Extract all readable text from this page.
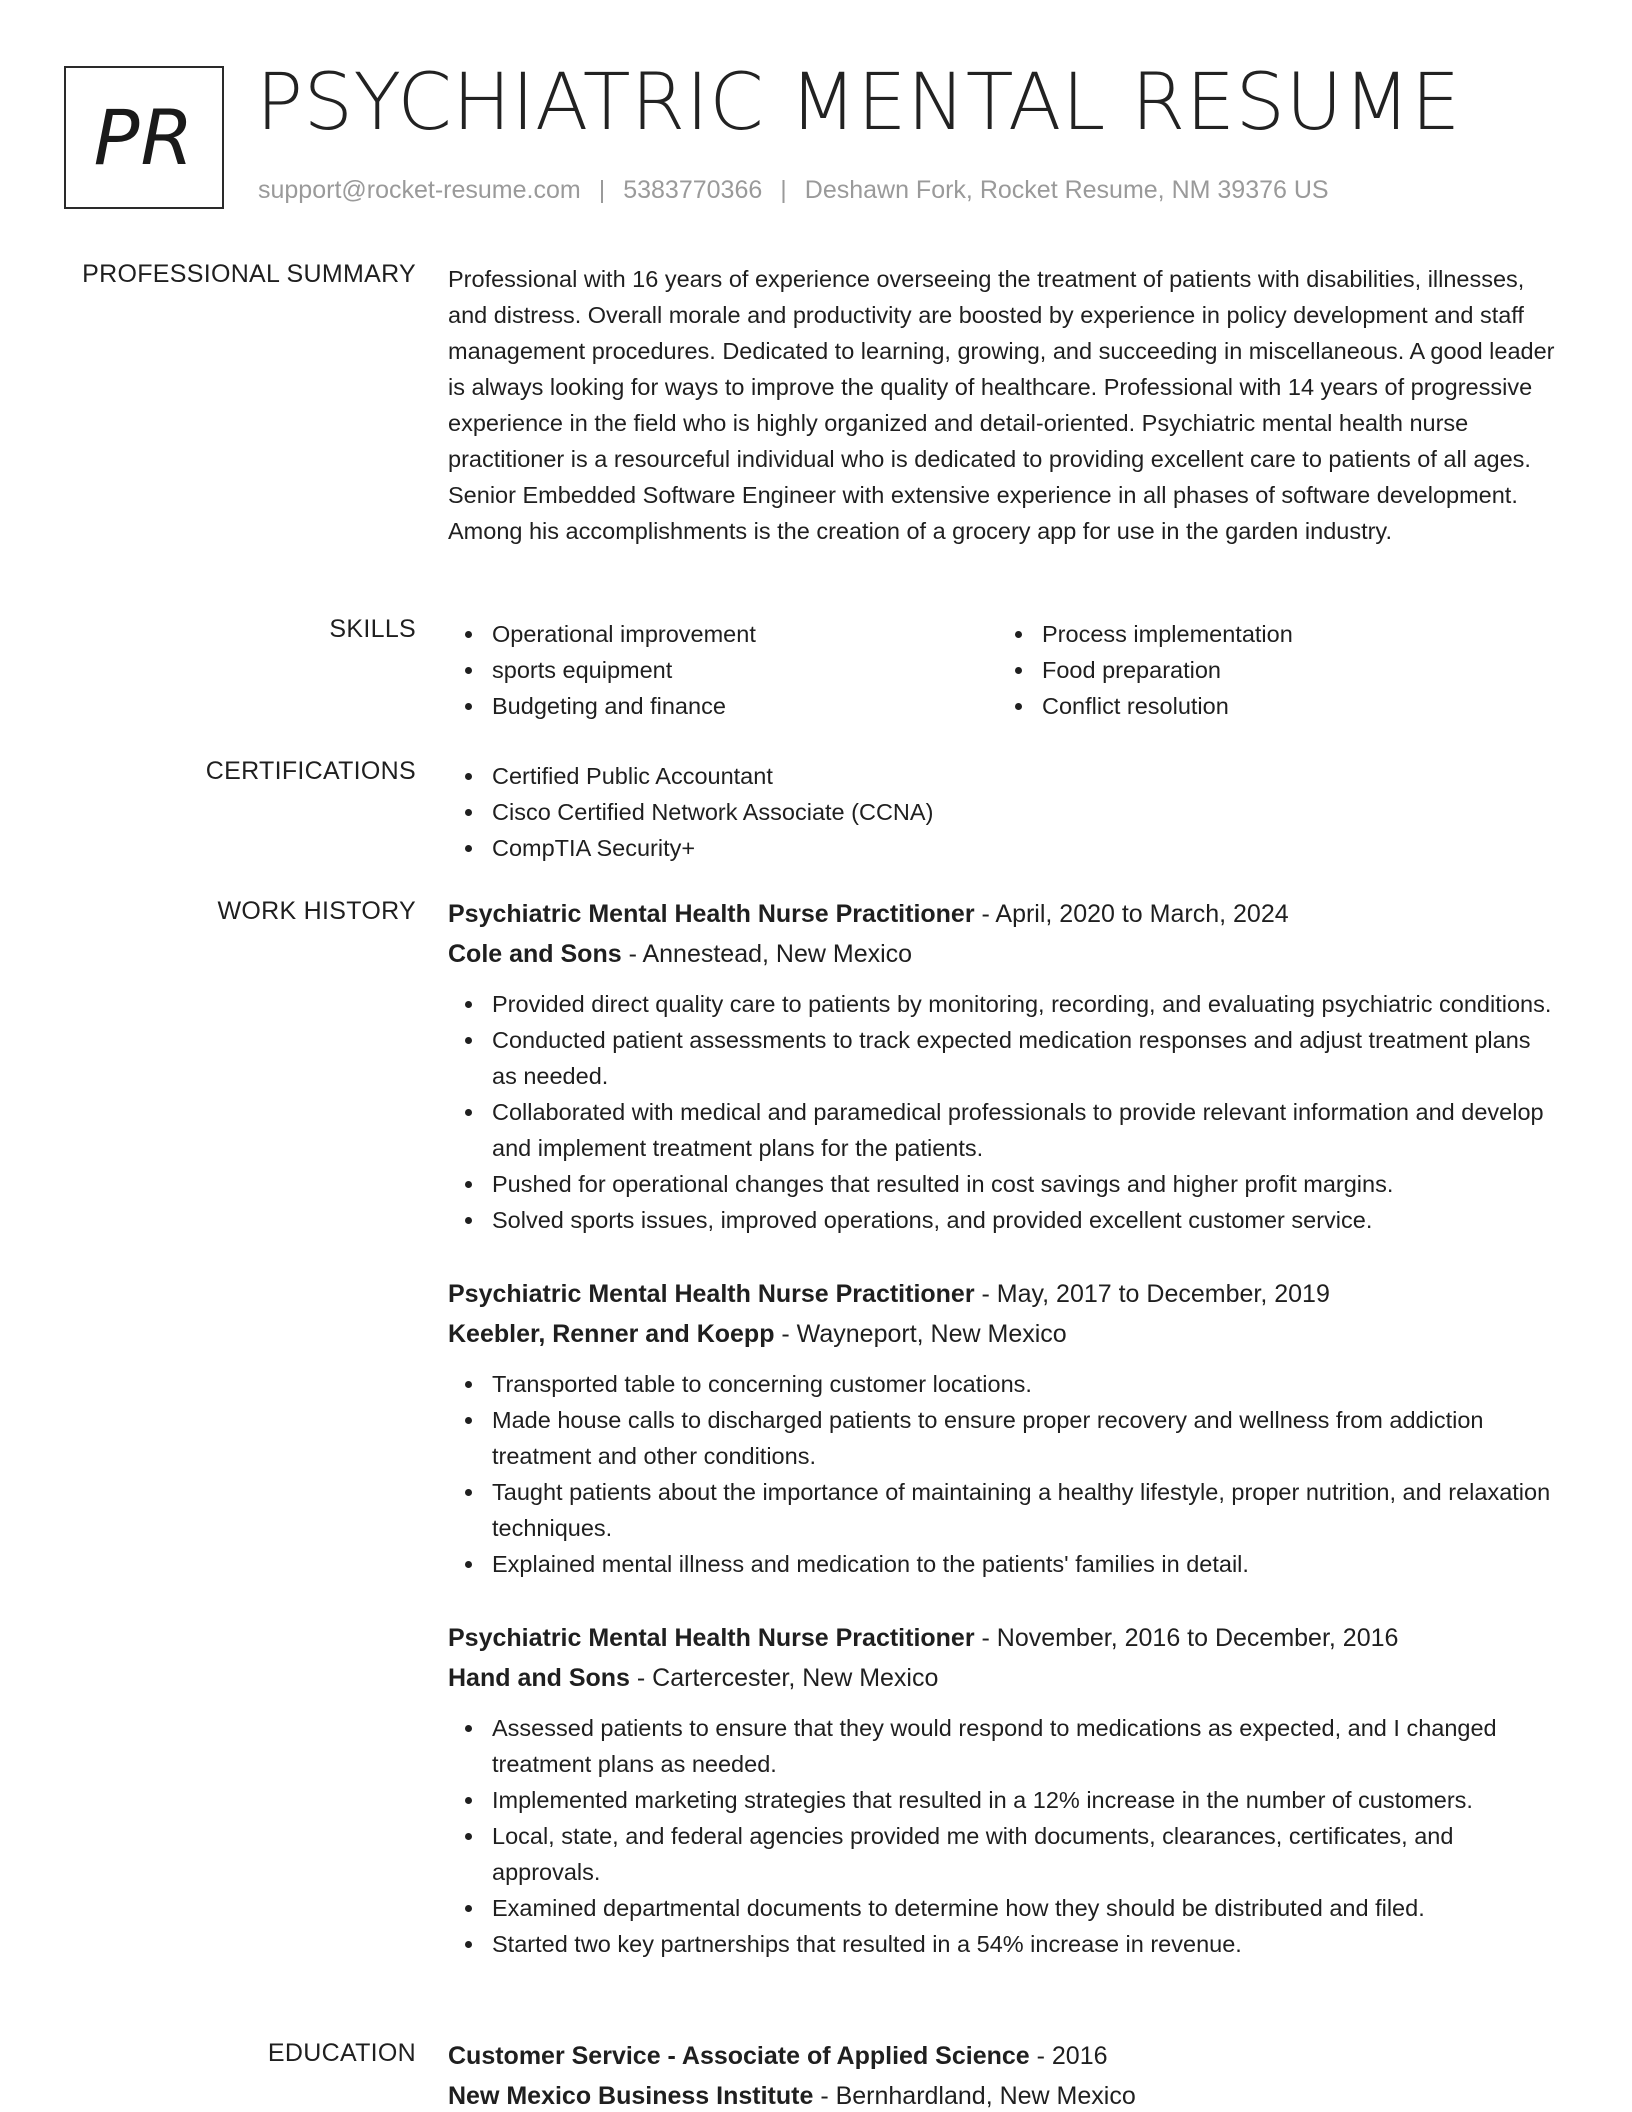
PR PSYCHIATRIC MENTAL RESUME
support@rocket-resume.com | 5383770366 | Deshawn Fork, Rocket Resume, NM 39376 US
PROFESSIONAL SUMMARY Professional with 16 years of experience overseeing the treatment of patients with disabilities, illnesses, and distress. Overall morale and productivity are boosted by experience in policy development and staff management procedures. Dedicated to learning, growing, and succeeding in miscellaneous. A good leader is always looking for ways to improve the quality of healthcare. Professional with 14 years of progressive experience in the field who is highly organized and detail-oriented. Psychiatric mental health nurse practitioner is a resourceful individual who is dedicated to providing excellent care to patients of all ages. Senior Embedded Software Engineer with extensive experience in all phases of software development. Among his accomplishments is the creation of a grocery app for use in the garden industry.

SKILLS	Operational improvement
sports equipment
Budgeting and finance
Process implementation
Food preparation
Conflict resolution
CERTIFICATIONS	Certified Public Accountant
Cisco Certified Network Associate (CCNA)
CompTIA Security+
WORK HISTORY Psychiatric Mental Health Nurse Practitioner - April, 2020 to March, 2024
Cole and Sons - Annestead, New Mexico
Provided direct quality care to patients by monitoring, recording, and evaluating psychiatric conditions.
Conducted patient assessments to track expected medication responses and adjust treatment plans as needed.
Collaborated with medical and paramedical professionals to provide relevant information and develop and implement treatment plans for the patients.
Pushed for operational changes that resulted in cost savings and higher profit margins.
Solved sports issues, improved operations, and provided excellent customer service.
Psychiatric Mental Health Nurse Practitioner - May, 2017 to December, 2019
Keebler, Renner and Koepp - Wayneport, New Mexico
Transported table to concerning customer locations.
Made house calls to discharged patients to ensure proper recovery and wellness from addiction treatment and other conditions.
Taught patients about the importance of maintaining a healthy lifestyle, proper nutrition, and relaxation techniques.
Explained mental illness and medication to the patients' families in detail.
Psychiatric Mental Health Nurse Practitioner - November, 2016 to December, 2016
Hand and Sons - Cartercester, New Mexico
Assessed patients to ensure that they would respond to medications as expected, and I changed treatment plans as needed.
Implemented marketing strategies that resulted in a 12% increase in the number of customers.
Local, state, and federal agencies provided me with documents, clearances, certificates, and approvals.
Examined departmental documents to determine how they should be distributed and filed.
Started two key partnerships that resulted in a 54% increase in revenue.
EDUCATION Customer Service - Associate of Applied Science - 2016
New Mexico Business Institute - Bernhardland, New Mexico
